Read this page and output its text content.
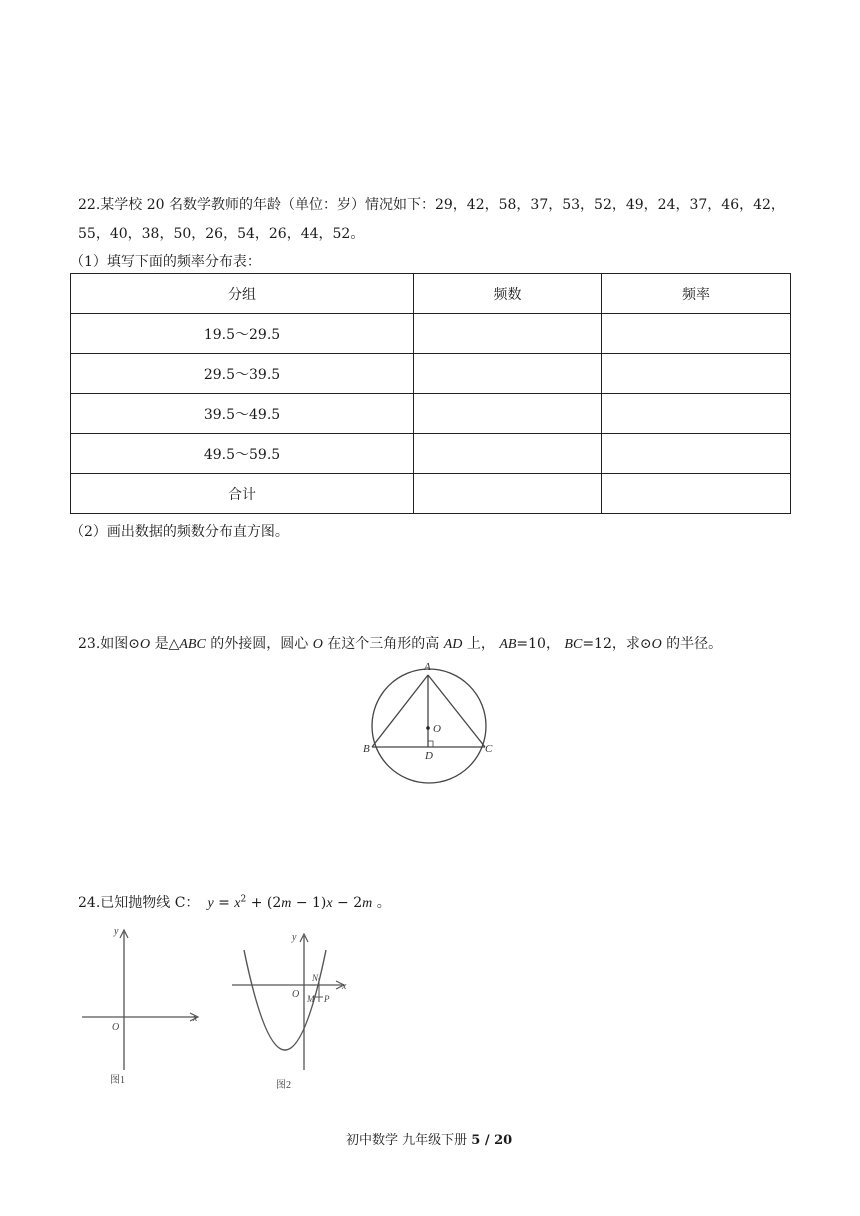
22.某学校 20 名数学教师的年龄（单位：岁）情况如下：29，42，58，37，53，52，49，24，37，46，42，
55，40，38，50，26，54，26，44，52。
（1）填写下面的频率分布表：
分组	频数	频率
19.5～29.5		
29.5～39.5		
39.5～49.5		
49.5～59.5		
合计		
（2）画出数据的频数分布直方图。
23.如图⊙O 是△ABC 的外接圆，圆心 O 在这个三角形的高 AD 上， AB=10， BC=12，求⊙O 的半径。
A
B	C
D
O
24.已知抛物线 C： $y = x^2 + (2m - 1)x - 2m$ 。
y
x
O
图1
y
x
O
N
M P
图2
初中数学 九年级下册 5 / 20
